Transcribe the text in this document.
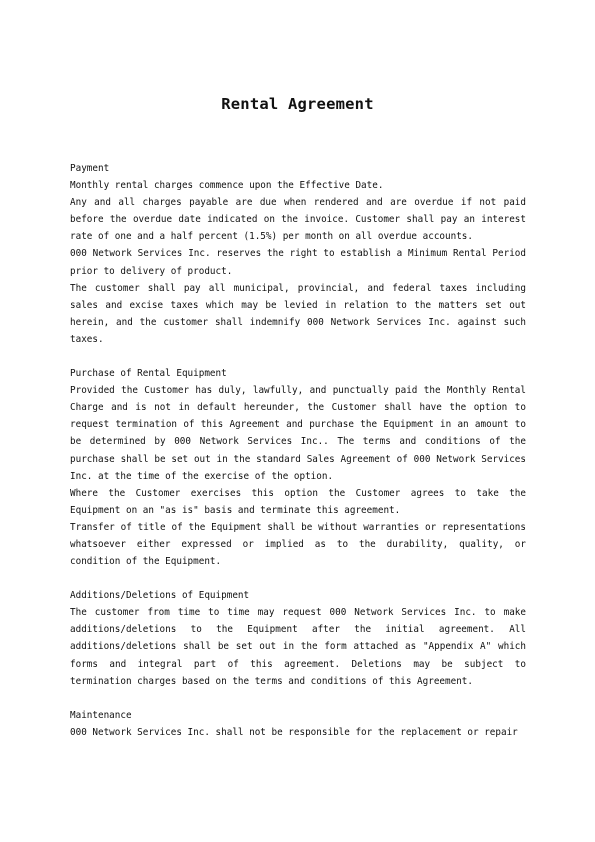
Rental Agreement

Payment

Monthly rental charges commence upon the Effective Date.

Any and all charges payable are due when rendered and are overdue if not paid before the overdue date indicated on the invoice. Customer shall pay an interest rate of one and a half percent (1.5%) per month on all overdue accounts.

000 Network Services Inc. reserves the right to establish a Minimum Rental Period prior to delivery of product.

The customer shall pay all municipal, provincial, and federal taxes including sales and excise taxes which may be levied in relation to the matters set out herein, and the customer shall indemnify 000 Network Services Inc. against such taxes.

Purchase of Rental Equipment

Provided the Customer has duly, lawfully, and punctually paid the Monthly Rental Charge and is not in default hereunder, the Customer shall have the option to request termination of this Agreement and purchase the Equipment in an amount to be determined by 000 Network Services Inc.. The terms and conditions of the purchase shall be set out in the standard Sales Agreement of 000 Network Services Inc. at the time of the exercise of the option.

Where the Customer exercises this option the Customer agrees to take the Equipment on an "as is" basis and terminate this agreement.

Transfer of title of the Equipment shall be without warranties or representations whatsoever either expressed or implied as to the durability, quality, or condition of the Equipment.

Additions/Deletions of Equipment

The customer from time to time may request 000 Network Services Inc. to make additions/deletions to the Equipment after the initial agreement. All additions/deletions shall be set out in the form attached as "Appendix A" which forms and integral part of this agreement. Deletions may be subject to termination charges based on the terms and conditions of this Agreement.

Maintenance

000 Network Services Inc. shall not be responsible for the replacement or repair
